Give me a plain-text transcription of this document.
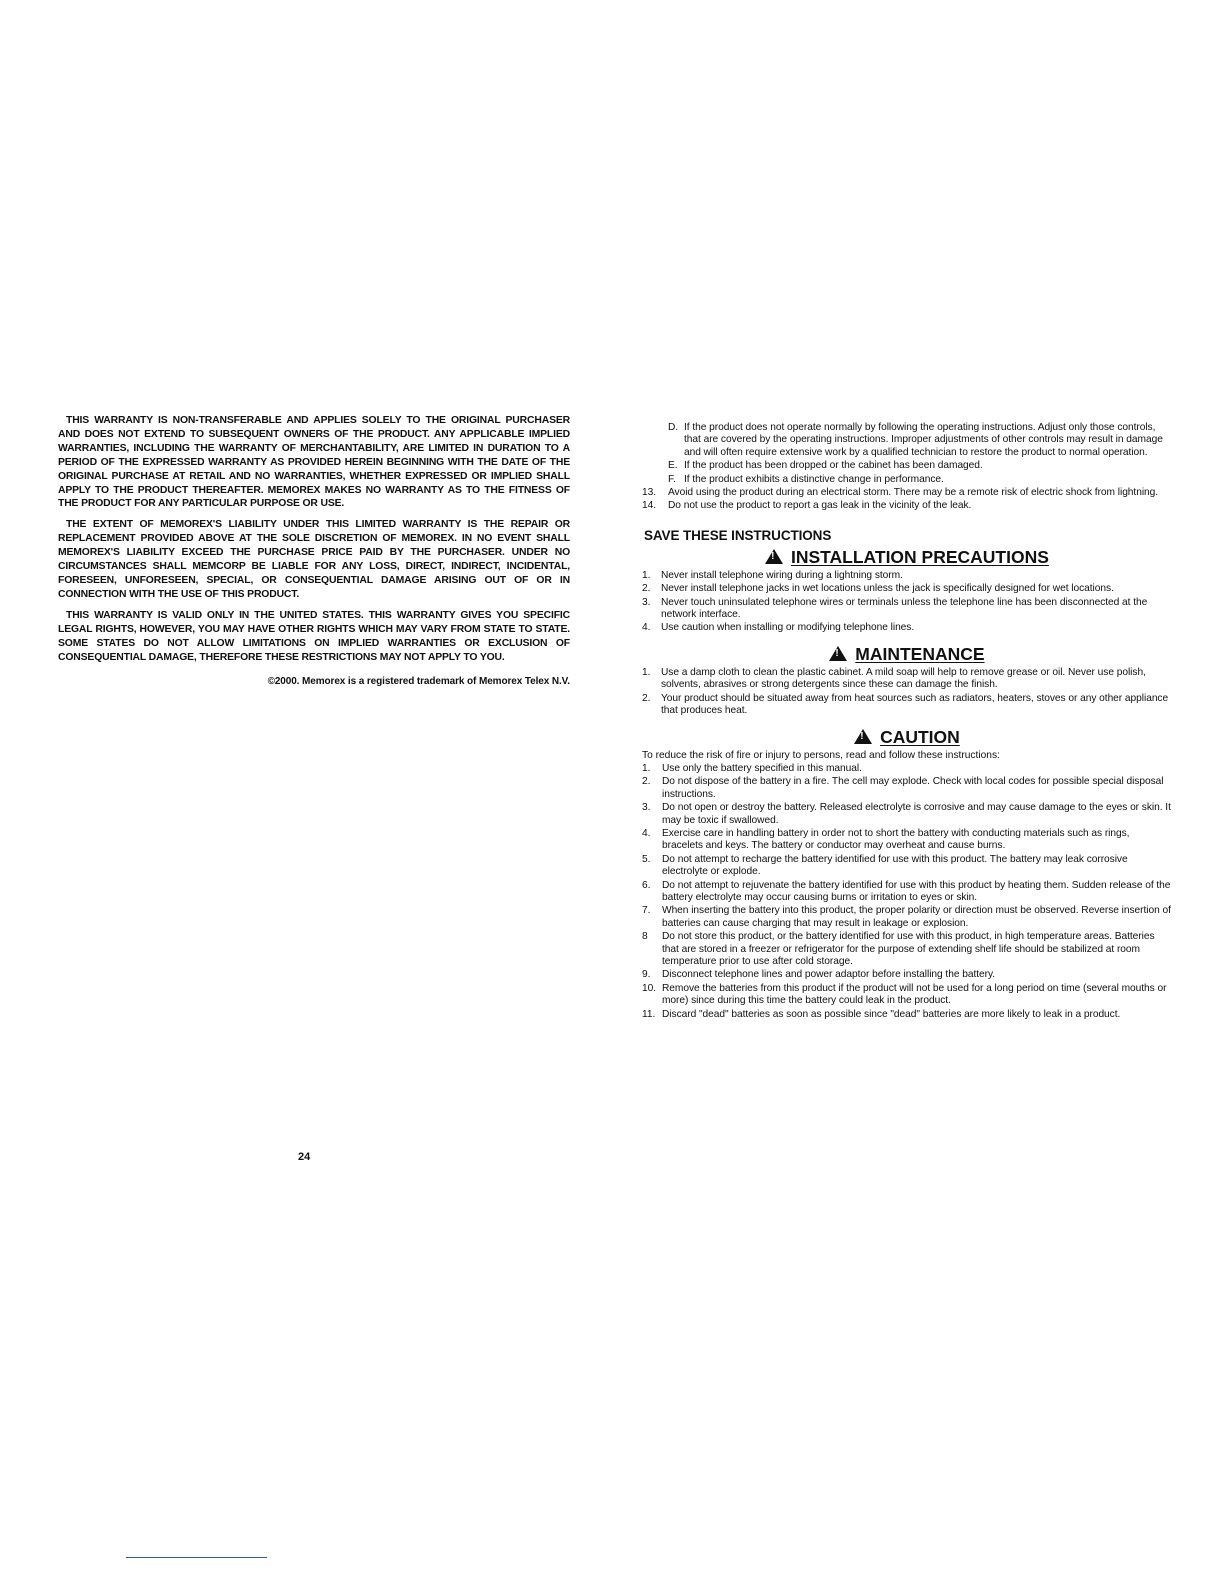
THIS WARRANTY IS NON-TRANSFERABLE AND APPLIES SOLELY TO THE ORIGINAL PURCHASER AND DOES NOT EXTEND TO SUBSEQUENT OWNERS OF THE PRODUCT. ANY APPLICABLE IMPLIED WARRANTIES, INCLUDING THE WARRANTY OF MERCHANTABILITY, ARE LIMITED IN DURATION TO A PERIOD OF THE EXPRESSED WARRANTY AS PROVIDED HEREIN BEGINNING WITH THE DATE OF THE ORIGINAL PURCHASE AT RETAIL AND NO WARRANTIES, WHETHER EXPRESSED OR IMPLIED SHALL APPLY TO THE PRODUCT THEREAFTER. MEMOREX MAKES NO WARRANTY AS TO THE FITNESS OF THE PRODUCT FOR ANY PARTICULAR PURPOSE OR USE.

THE EXTENT OF MEMOREX'S LIABILITY UNDER THIS LIMITED WARRANTY IS THE REPAIR OR REPLACEMENT PROVIDED ABOVE AT THE SOLE DISCRETION OF MEMOREX. IN NO EVENT SHALL MEMOREX'S LIABILITY EXCEED THE PURCHASE PRICE PAID BY THE PURCHASER. UNDER NO CIRCUMSTANCES SHALL MEMCORP BE LIABLE FOR ANY LOSS, DIRECT, INDIRECT, INCIDENTAL, FORESEEN, UNFORESEEN, SPECIAL, OR CONSEQUENTIAL DAMAGE ARISING OUT OF OR IN CONNECTION WITH THE USE OF THIS PRODUCT.

THIS WARRANTY IS VALID ONLY IN THE UNITED STATES. THIS WARRANTY GIVES YOU SPECIFIC LEGAL RIGHTS, HOWEVER, YOU MAY HAVE OTHER RIGHTS WHICH MAY VARY FROM STATE TO STATE. SOME STATES DO NOT ALLOW LIMITATIONS ON IMPLIED WARRANTIES OR EXCLUSION OF CONSEQUENTIAL DAMAGE, THEREFORE THESE RESTRICTIONS MAY NOT APPLY TO YOU.

©2000. Memorex is a registered trademark of Memorex Telex N.V.
24
D. If the product does not operate normally by following the operating instructions. Adjust only those controls, that are covered by the operating instructions. Improper adjustments of other controls may result in damage and will often require extensive work by a qualified technician to restore the product to normal operation.
E. If the product has been dropped or the cabinet has been damaged.
F. If the product exhibits a distinctive change in performance.
13. Avoid using the product during an electrical storm. There may be a remote risk of electric shock from lightning.
14. Do not use the product to report a gas leak in the vicinity of the leak.
SAVE THESE INSTRUCTIONS
! INSTALLATION PRECAUTIONS
1. Never install telephone wiring during a lightning storm.
2. Never install telephone jacks in wet locations unless the jack is specifically designed for wet locations.
3. Never touch uninsulated telephone wires or terminals unless the telephone line has been disconnected at the network interface.
4. Use caution when installing or modifying telephone lines.
! MAINTENANCE
1. Use a damp cloth to clean the plastic cabinet. A mild soap will help to remove grease or oil. Never use polish, solvents, abrasives or strong detergents since these can damage the finish.
2. Your product should be situated away from heat sources such as radiators, heaters, stoves or any other appliance that produces heat.
! CAUTION
To reduce the risk of fire or injury to persons, read and follow these instructions:
1. Use only the battery specified in this manual.
2. Do not dispose of the battery in a fire. The cell may explode. Check with local codes for possible special disposal instructions.
3. Do not open or destroy the battery. Released electrolyte is corrosive and may cause damage to the eyes or skin. It may be toxic if swallowed.
4. Exercise care in handling battery in order not to short the battery with conducting materials such as rings, bracelets and keys. The battery or conductor may overheat and cause burns.
5. Do not attempt to recharge the battery identified for use with this product. The battery may leak corrosive electrolyte or explode.
6. Do not attempt to rejuvenate the battery identified for use with this product by heating them. Sudden release of the battery electrolyte may occur causing burns or irritation to eyes or skin.
7. When inserting the battery into this product, the proper polarity or direction must be observed. Reverse insertion of batteries can cause charging that may result in leakage or explosion.
8 Do not store this product, or the battery identified for use with this product, in high temperature areas. Batteries that are stored in a freezer or refrigerator for the purpose of extending shelf life should be stabilized at room temperature prior to use after cold storage.
9. Disconnect telephone lines and power adaptor before installing the battery.
10. Remove the batteries from this product if the product will not be used for a long period on time (several mouths or more) since during this time the battery could leak in the product.
11. Discard "dead" batteries as soon as possible since "dead" batteries are more likely to leak in a product.
